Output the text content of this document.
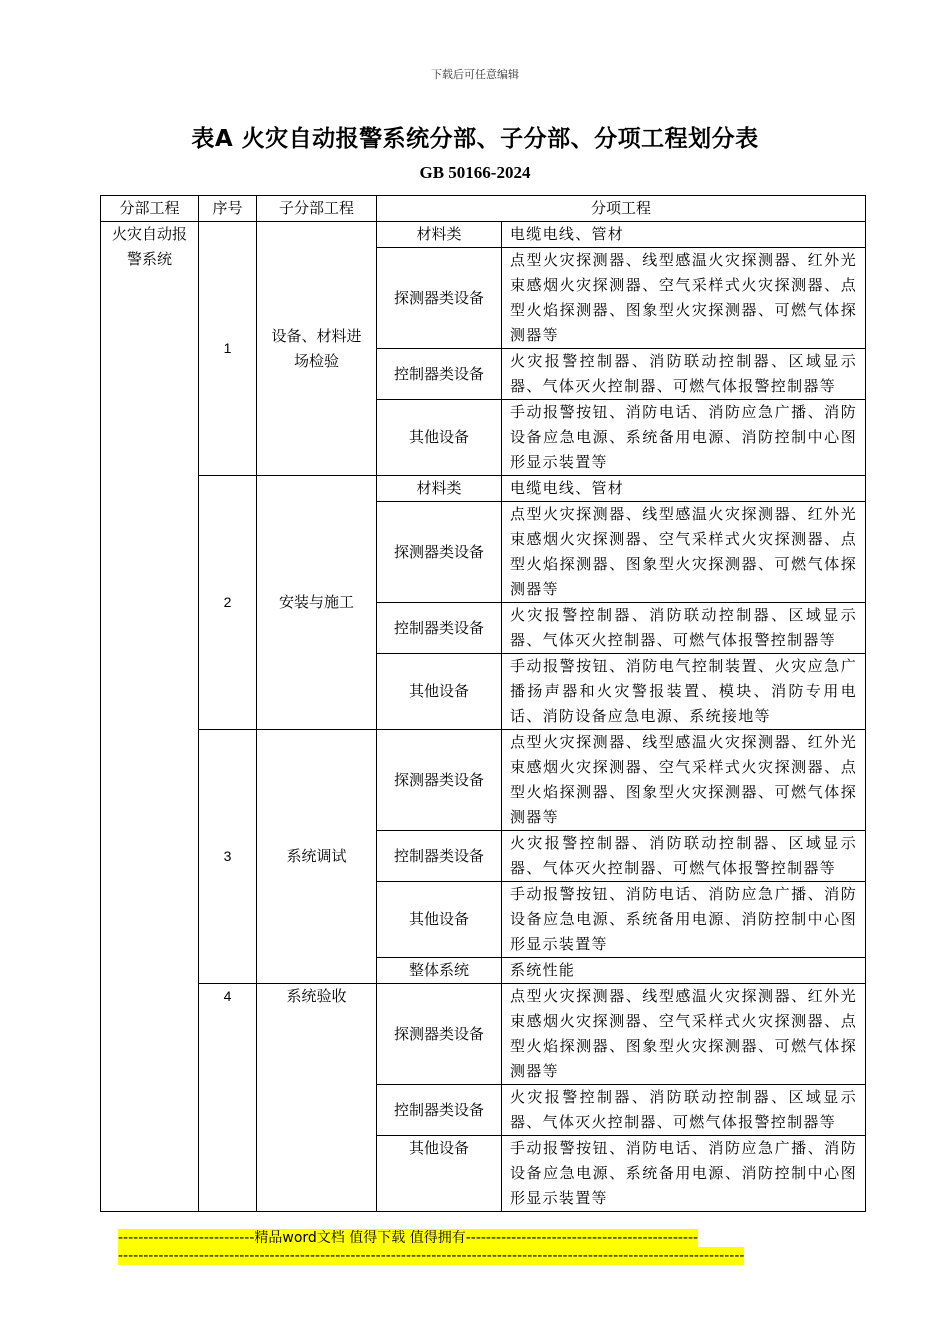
下载后可任意编辑
表A 火灾自动报警系统分部、子分部、分项工程划分表
GB 50166-2024
分部工程	序号	子分部工程	分项工程	
火灾自动报警系统	1	设备、材料进场检验	材料类	电缆电线、管材
			探测器类设备	点型火灾探测器、线型感温火灾探测器、红外光束感烟火灾探测器、空气采样式火灾探测器、点型火焰探测器、图象型火灾探测器、可燃气体探测器等
			控制器类设备	火灾报警控制器、消防联动控制器、区域显示器、气体灭火控制器、可燃气体报警控制器等
			其他设备	手动报警按钮、消防电话、消防应急广播、消防设备应急电源、系统备用电源、消防控制中心图形显示装置等
	2	安装与施工	材料类	电缆电线、管材
			探测器类设备	点型火灾探测器、线型感温火灾探测器、红外光束感烟火灾探测器、空气采样式火灾探测器、点型火焰探测器、图象型火灾探测器、可燃气体探测器等
			控制器类设备	火灾报警控制器、消防联动控制器、区域显示器、气体灭火控制器、可燃气体报警控制器等
			其他设备	手动报警按钮、消防电气控制装置、火灾应急广播扬声器和火灾警报装置、模块、消防专用电话、消防设备应急电源、系统接地等
	3	系统调试	探测器类设备	点型火灾探测器、线型感温火灾探测器、红外光束感烟火灾探测器、空气采样式火灾探测器、点型火焰探测器、图象型火灾探测器、可燃气体探测器等
			控制器类设备	火灾报警控制器、消防联动控制器、区域显示器、气体灭火控制器、可燃气体报警控制器等
			其他设备	手动报警按钮、消防电话、消防应急广播、消防设备应急电源、系统备用电源、消防控制中心图形显示装置等
			整体系统	系统性能
	4	系统验收	探测器类设备	点型火灾探测器、线型感温火灾探测器、红外光束感烟火灾探测器、空气采样式火灾探测器、点型火焰探测器、图象型火灾探测器、可燃气体探测器等
			控制器类设备	火灾报警控制器、消防联动控制器、区域显示器、气体灭火控制器、可燃气体报警控制器等
			其他设备	手动报警按钮、消防电话、消防应急广播、消防设备应急电源、系统备用电源、消防控制中心图形显示装置等
---------------------------精品word文档 值得下载 值得拥有----------------------------------------------
----------------------------------------------------------------------------------------------------------------------------
